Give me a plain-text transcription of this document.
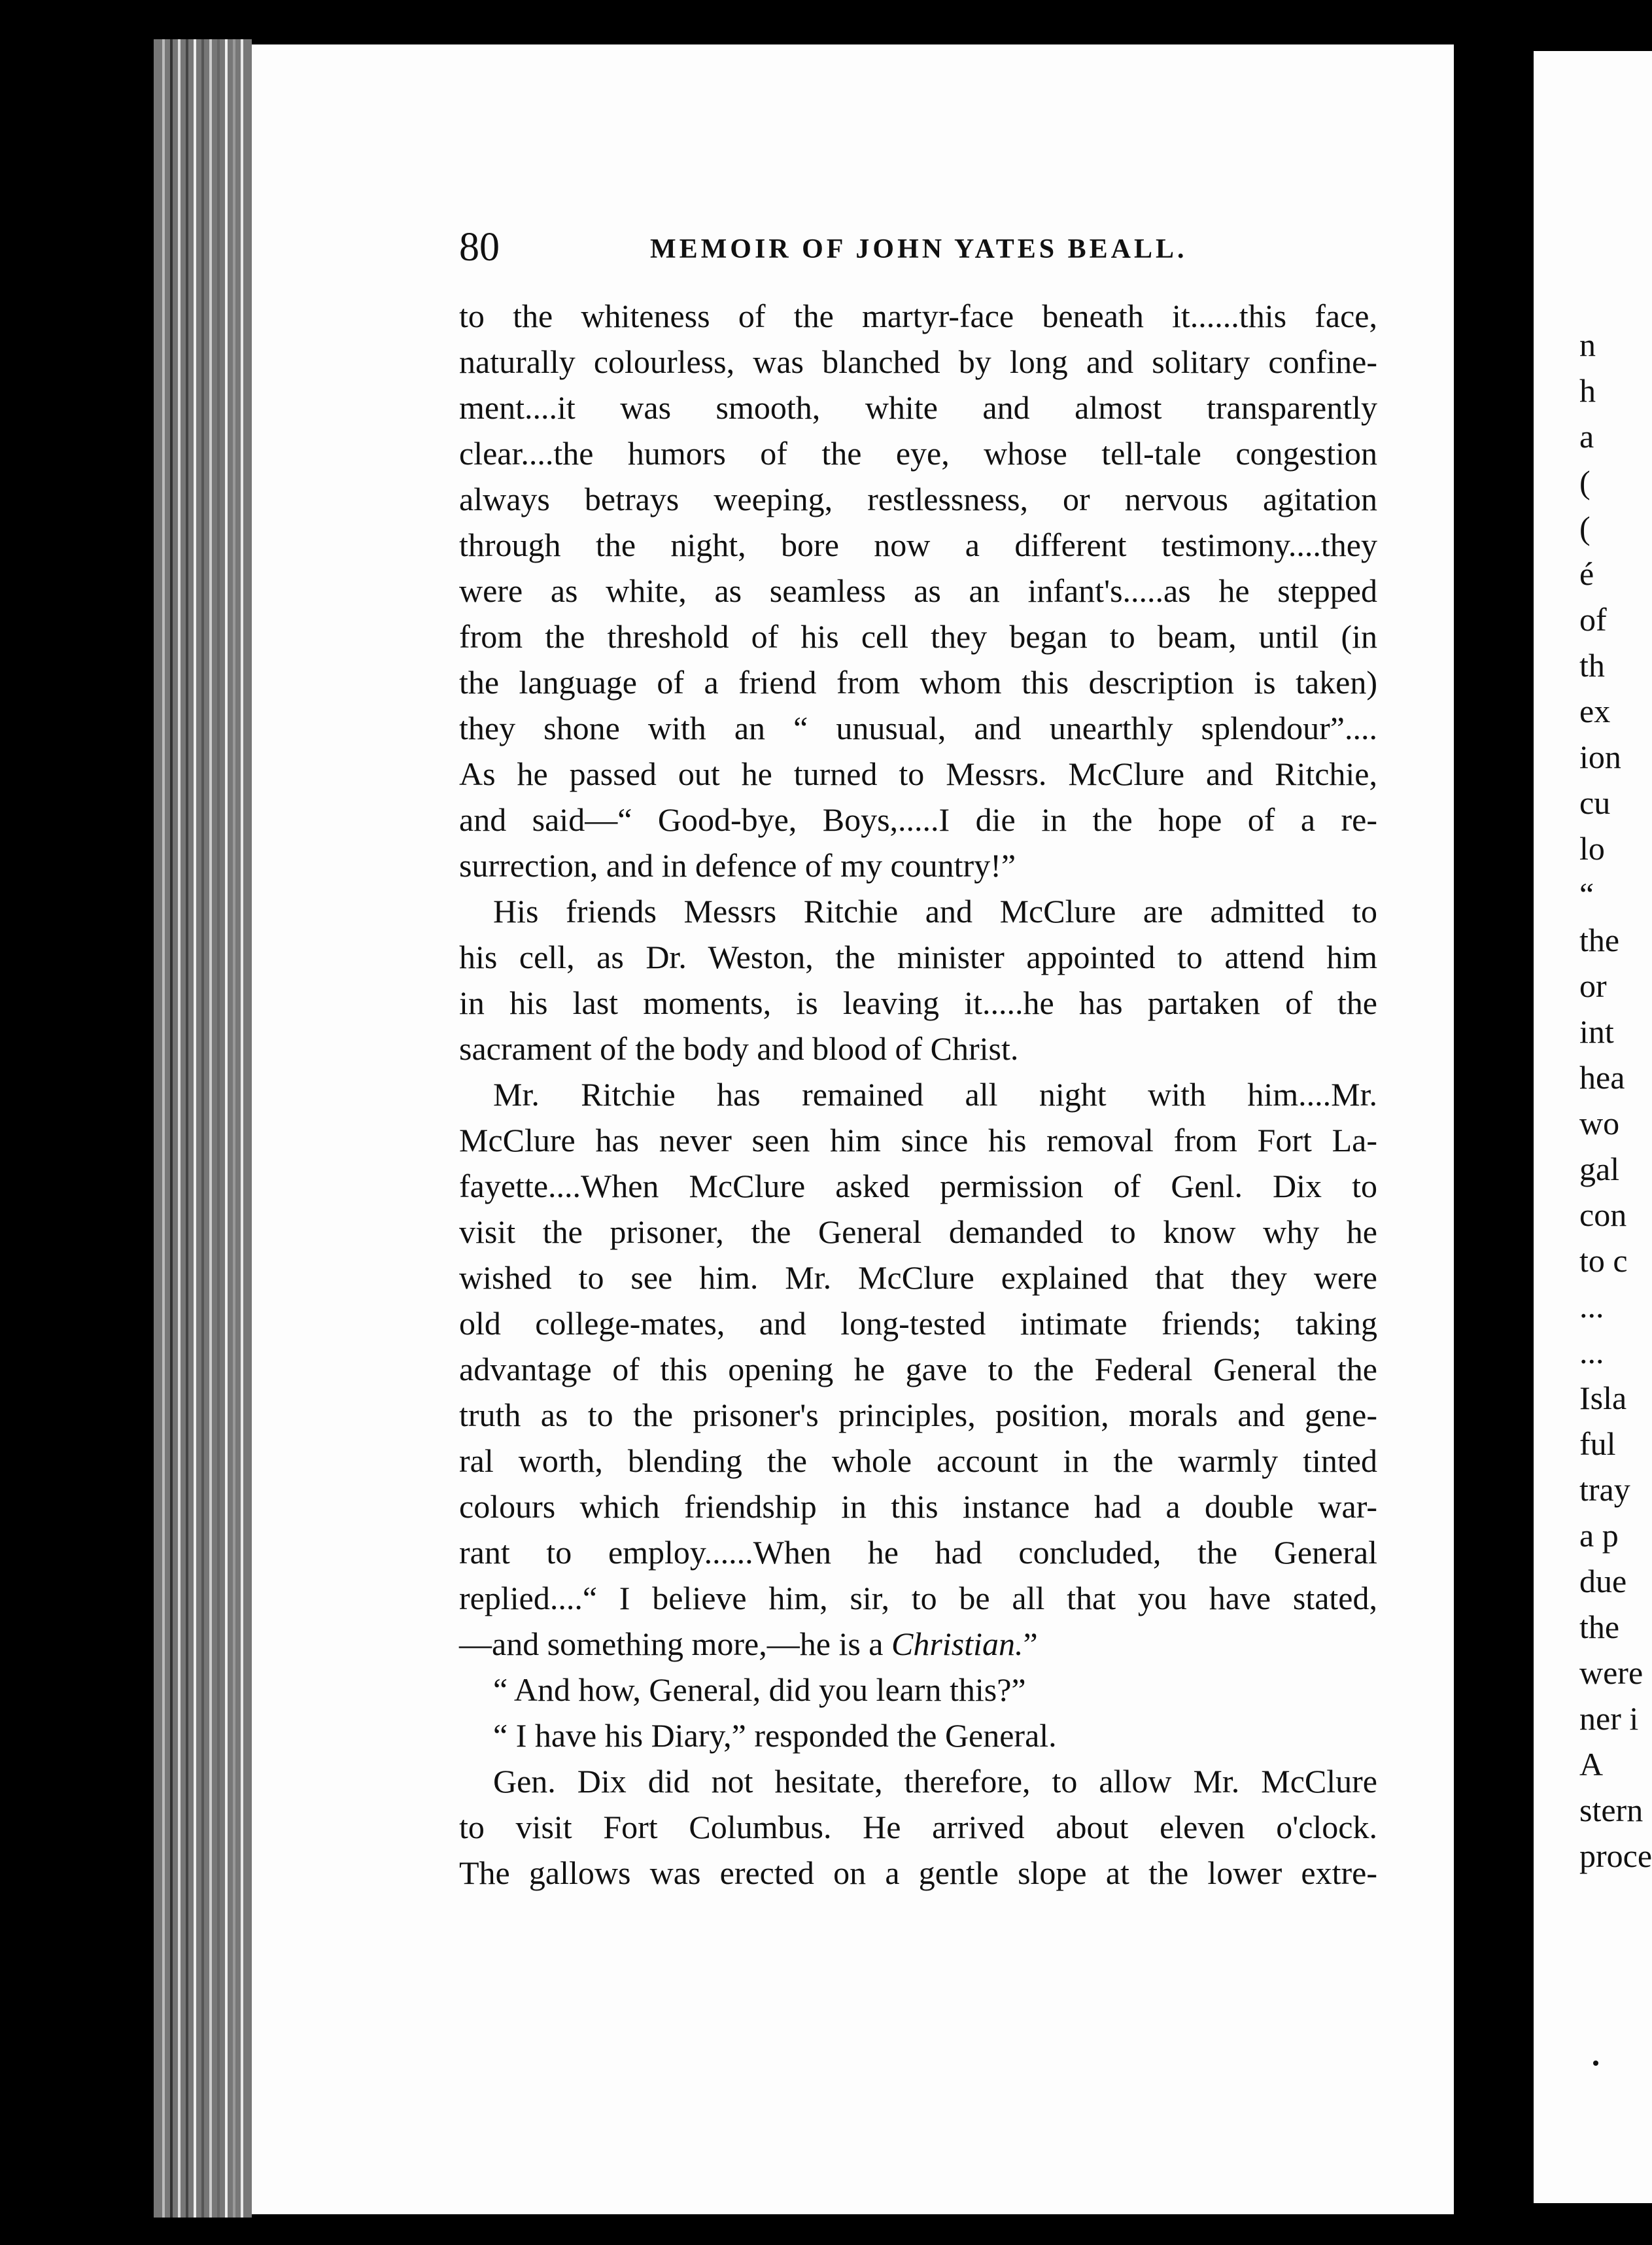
80	MEMOIR OF JOHN YATES BEALL.
to the whiteness of the martyr-face beneath it......this face,
naturally colourless, was blanched by long and solitary confine-
ment....it was smooth, white and almost transparently
clear....the humors of the eye, whose tell-tale congestion
always betrays weeping, restlessness, or nervous agitation
through the night, bore now a different testimony....they
were as white, as seamless as an infant's.....as he stepped
from the threshold of his cell they began to beam, until (in
the language of a friend from whom this description is taken)
they shone with an “ unusual, and unearthly splendour”....
As he passed out he turned to Messrs. McClure and Ritchie,
and said—“ Good-bye, Boys,.....I die in the hope of a re-
surrection, and in defence of my country!”
His friends Messrs Ritchie and McClure are admitted to
his cell, as Dr. Weston, the minister appointed to attend him
in his last moments, is leaving it.....he has partaken of the
sacrament of the body and blood of Christ.
Mr. Ritchie has remained all night with him....Mr.
McClure has never seen him since his removal from Fort La-
fayette....When McClure asked permission of Genl. Dix to
visit the prisoner, the General demanded to know why he
wished to see him. Mr. McClure explained that they were
old college-mates, and long-tested intimate friends; taking
advantage of this opening he gave to the Federal General the
truth as to the prisoner's principles, position, morals and gene-
ral worth, blending the whole account in the warmly tinted
colours which friendship in this instance had a double war-
rant to employ......When he had concluded, the General
replied....“ I believe him, sir, to be all that you have stated,
—and something more,—he is a Christian.”
“ And how, General, did you learn this?”
“ I have his Diary,” responded the General.
Gen. Dix did not hesitate, therefore, to allow Mr. McClure
to visit Fort Columbus. He arrived about eleven o'clock.
The gallows was erected on a gentle slope at the lower extre-
n
h
a
(
(
é
of
th
ex
ion
cu
lo
“
the
or
int
hea
wo
gal
con
to c
...
...
Isla
ful
tray
a p
due
the
were
ner i
A
stern
proce
